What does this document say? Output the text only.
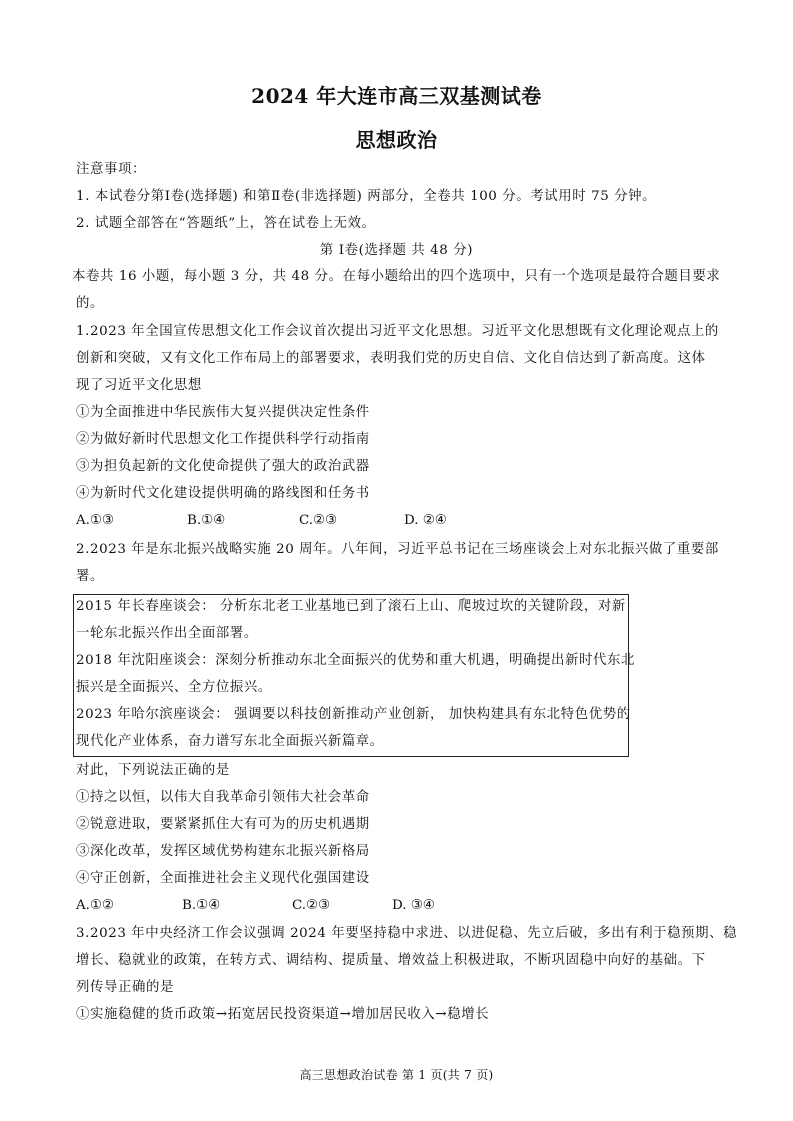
2024 年大连市高三双基测试卷
思想政治
注意事项：
1. 本试卷分第Ⅰ卷(选择题) 和第Ⅱ卷(非选择题) 两部分，全卷共 100 分。考试用时 75 分钟。
2. 试题全部答在“答题纸”上，答在试卷上无效。
第 Ⅰ卷(选择题 共 48 分)
本卷共 16 小题，每小题 3 分，共 48 分。在每小题给出的四个选项中，只有一个选项是最符合题目要求
的。
1.2023 年全国宣传思想文化工作会议首次提出习近平文化思想。习近平文化思想既有文化理论观点上的
创新和突破，又有文化工作布局上的部署要求，表明我们党的历史自信、文化自信达到了新高度。这体
现了习近平文化思想
①为全面推进中华民族伟大复兴提供决定性条件
②为做好新时代思想文化工作提供科学行动指南
③为担负起新的文化使命提供了强大的政治武器
④为新时代文化建设提供明确的路线图和任务书
A.①③	B.①④	C.②③	D. ②④
2.2023 年是东北振兴战略实施 20 周年。八年间，习近平总书记在三场座谈会上对东北振兴做了重要部
署。
2015 年长春座谈会： 分析东北老工业基地已到了滚石上山、爬坡过坎的关键阶段，对新
一轮东北振兴作出全面部署。
2018 年沈阳座谈会：深刻分析推动东北全面振兴的优势和重大机遇，明确提出新时代东北
振兴是全面振兴、全方位振兴。
2023 年哈尔滨座谈会： 强调要以科技创新推动产业创新， 加快构建具有东北特色优势的
现代化产业体系，奋力谱写东北全面振兴新篇章。
对此，下列说法正确的是
①持之以恒，以伟大自我革命引领伟大社会革命
②锐意进取，要紧紧抓住大有可为的历史机遇期
③深化改革，发挥区域优势构建东北振兴新格局
④守正创新，全面推进社会主义现代化强国建设
A.①②	B.①④	C.②③	D. ③④
3.2023 年中央经济工作会议强调 2024 年要坚持稳中求进、以进促稳、先立后破，多出有利于稳预期、稳
增长、稳就业的政策，在转方式、调结构、提质量、增效益上积极进取，不断巩固稳中向好的基础。下
列传导正确的是
①实施稳健的货币政策→拓宽居民投资渠道→增加居民收入→稳增长
高三思想政治试卷 第 1 页(共 7 页)
